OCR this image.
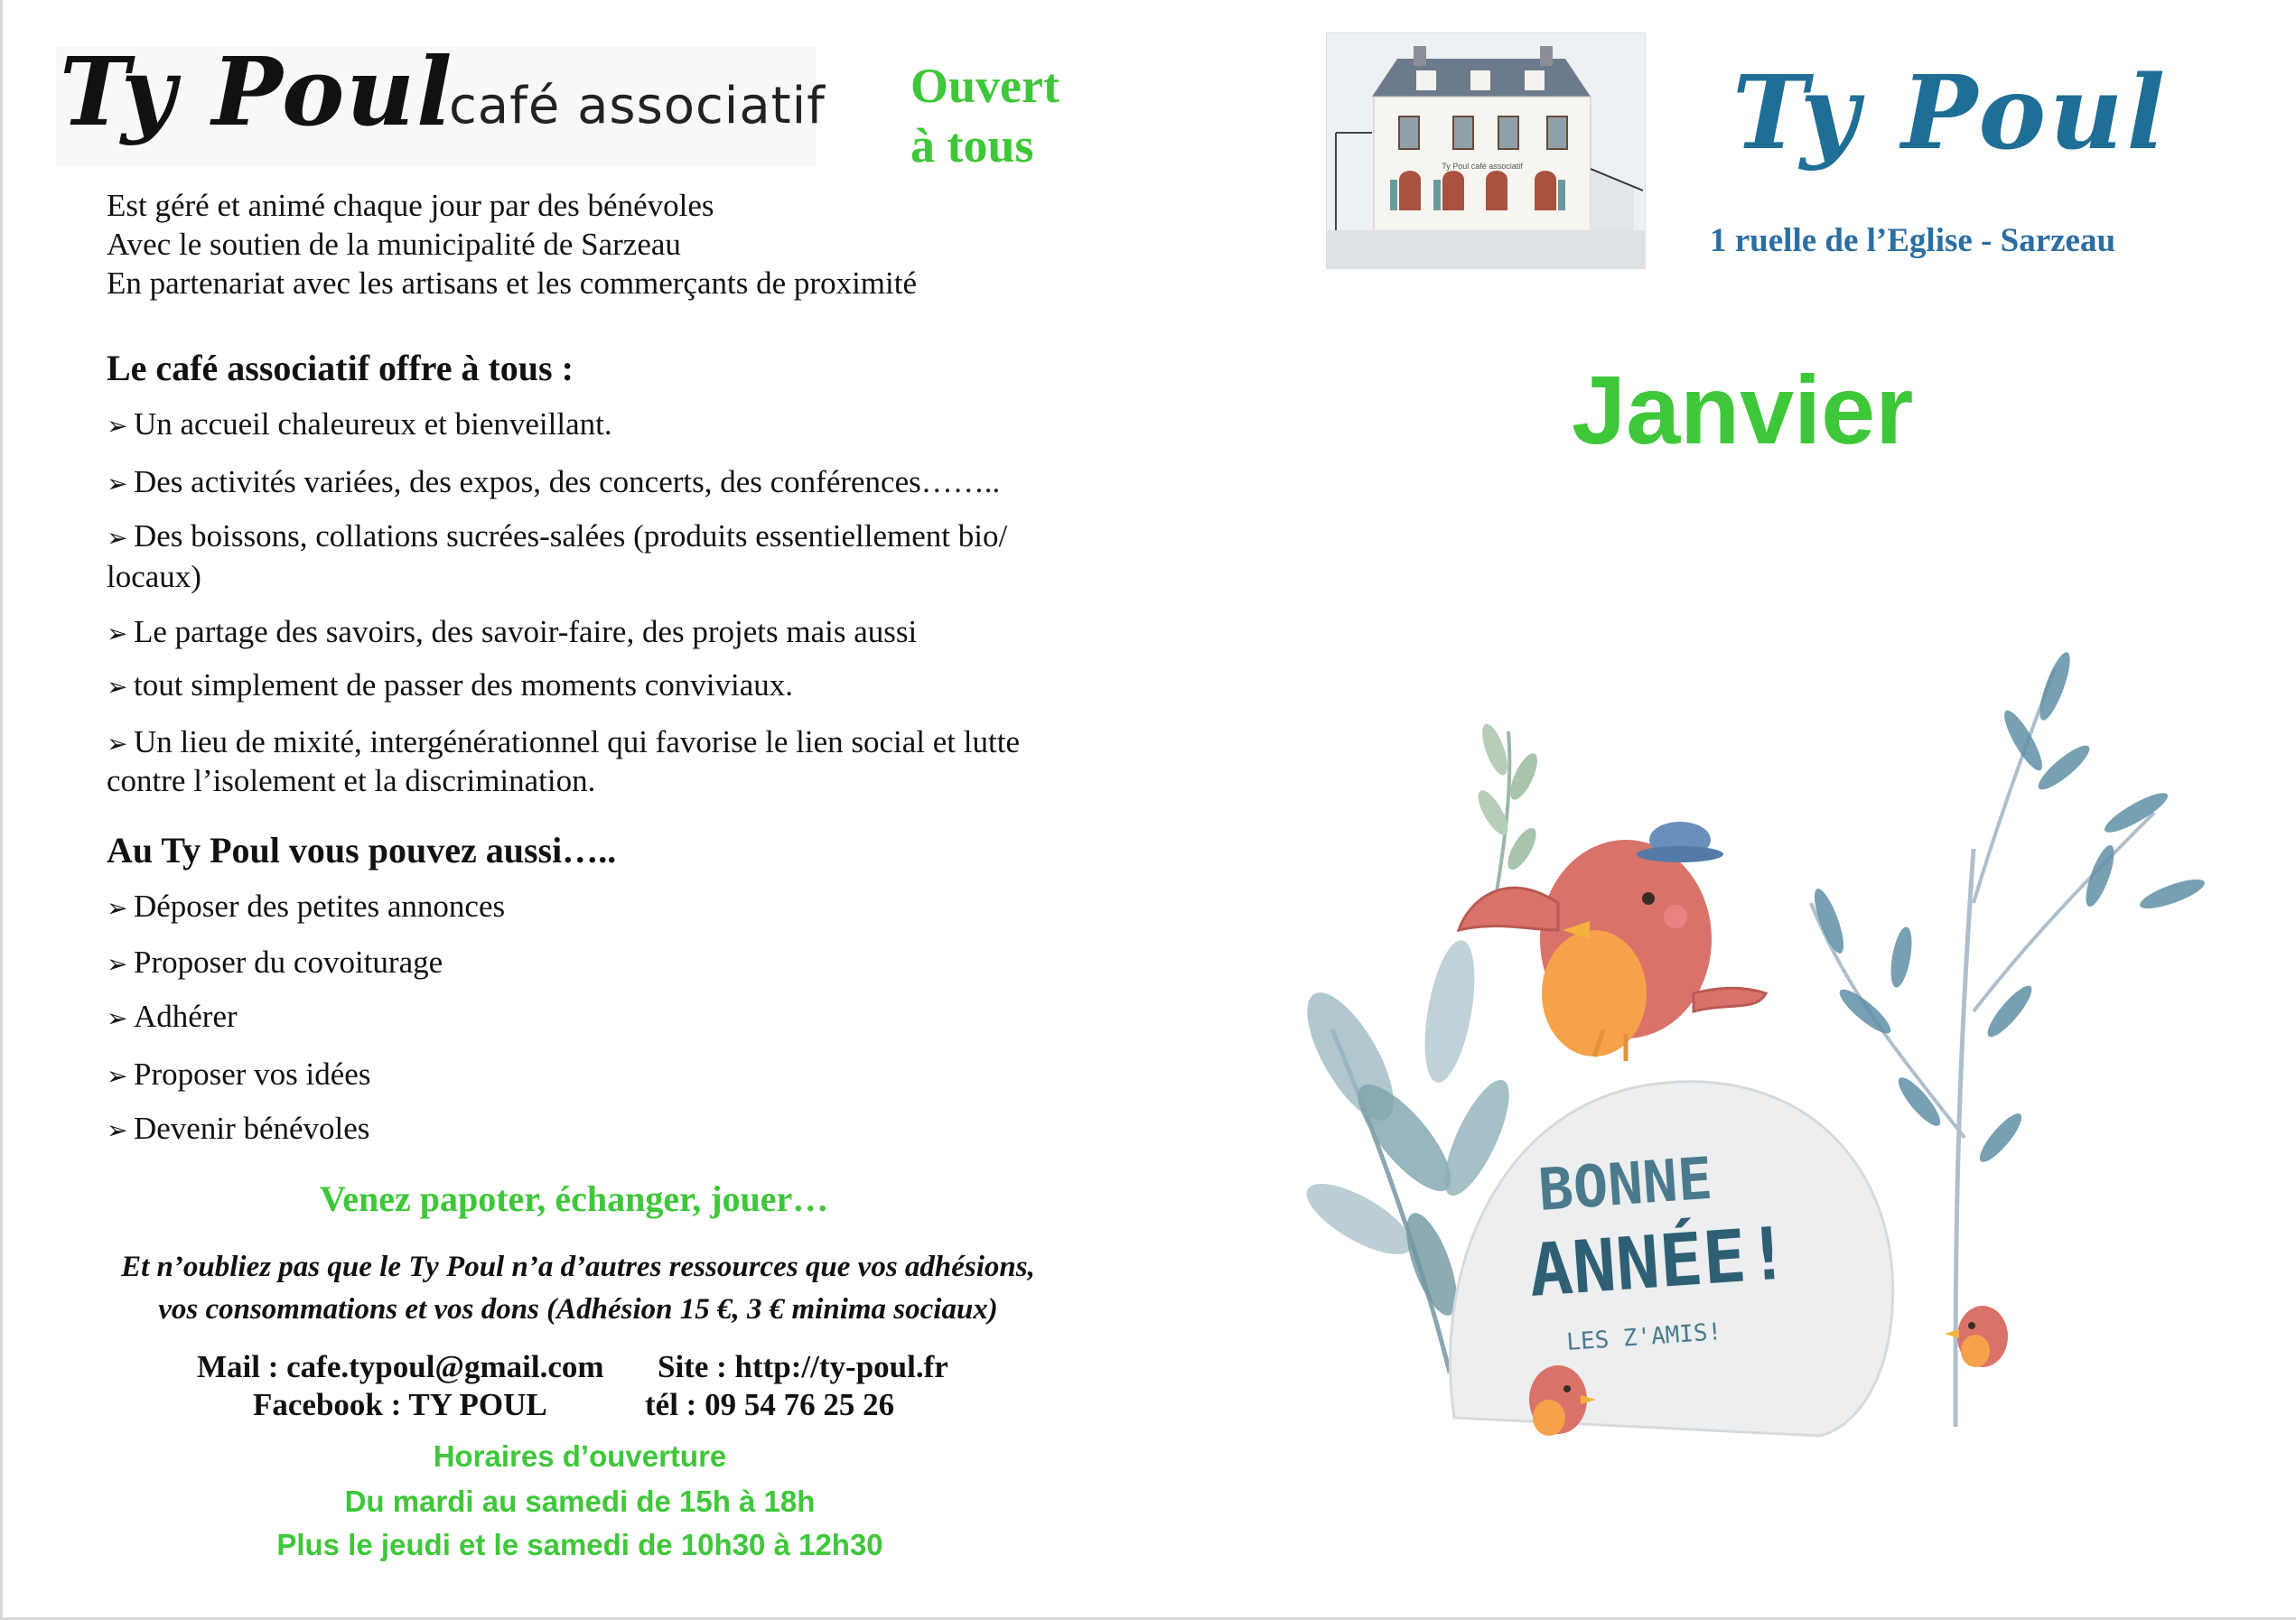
Ty Poul
café associatif Ouvert
à tous
Est géré et animé chaque jour par des bénévoles
Avec le soutien de la municipalité de Sarzeau
En partenariat avec les artisans et les commerçants de proximité
Le café associatif offre à tous :
➢ Un accueil chaleureux et bienveillant.
➢ Des activités variées, des expos, des concerts, des conférences……..
➢ Des boissons, collations sucrées-salées (produits essentiellement bio/
locaux)
➢ Le partage des savoirs, des savoir-faire, des projets mais aussi
➢ tout simplement de passer des moments conviviaux.
➢ Un lieu de mixité, intergénérationnel qui favorise le lien social et lutte
contre l’isolement et la discrimination.
Au Ty Poul vous pouvez aussi…..
➢ Déposer des petites annonces
➢ Proposer du covoiturage
➢ Adhérer
➢ Proposer vos idées
➢ Devenir bénévoles
Venez papoter, échanger, jouer…
Et n’oubliez pas que le Ty Poul n’a d’autres ressources que vos adhésions,
vos consommations et vos dons (Adhésion 15 €, 3 € minima sociaux)
Mail : cafe.typoul@gmail.com Site : http://ty-poul.fr
Facebook : TY POUL	tél : 09 54 76 25 26
Horaires d’ouverture
Du mardi au samedi de 15h à 18h
Plus le jeudi et le samedi de 10h30 à 12h30
Ty Poul café associatif Ty Poul
1 ruelle de l’Eglise - Sarzeau
Janvier
BONNE
ANNÉE!
LES Z'AMIS!
